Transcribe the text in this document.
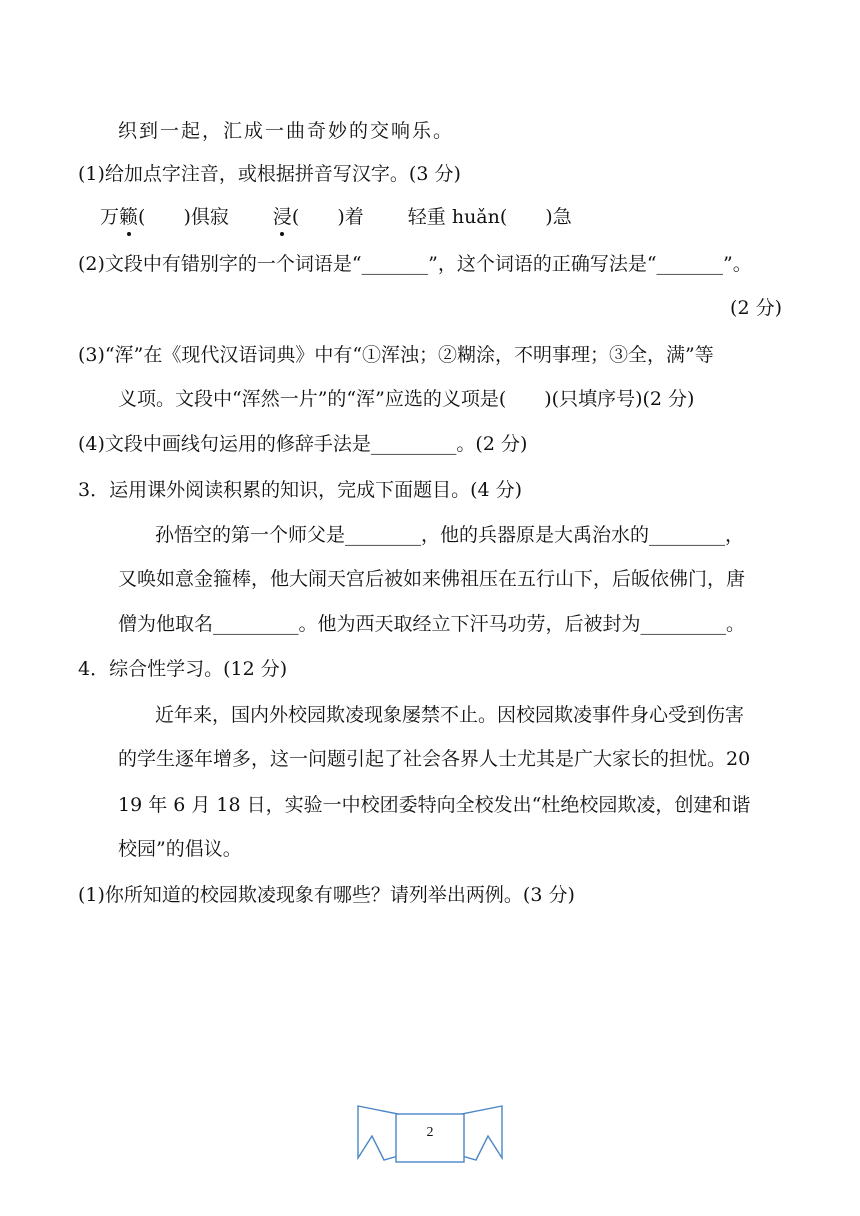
织到一起，汇成一曲奇妙的交响乐。
(1)给加点字注音，或根据拼音写汉字。(3 分)
万籁(　　)俱寂 浸(　　)着 轻重 huǎn(　　)急
(2)文段中有错别字的一个词语是“_______”，这个词语的正确写法是“_______”。
(2 分)
(3)“浑”在《现代汉语词典》中有“①浑浊；②糊涂，不明事理；③全，满”等
义项。文段中“浑然一片”的“浑”应选的义项是(　　)(只填序号)(2 分)
(4)文段中画线句运用的修辞手法是_________。(2 分)
3．运用课外阅读积累的知识，完成下面题目。(4 分)
孙悟空的第一个师父是________，他的兵器原是大禹治水的________，
又唤如意金箍棒，他大闹天宫后被如来佛祖压在五行山下，后皈依佛门，唐
僧为他取名_________。他为西天取经立下汗马功劳，后被封为_________。
4．综合性学习。(12 分)
近年来，国内外校园欺凌现象屡禁不止。因校园欺凌事件身心受到伤害
的学生逐年增多，这一问题引起了社会各界人士尤其是广大家长的担忧。20
19 年 6 月 18 日，实验一中校团委特向全校发出“杜绝校园欺凌，创建和谐
校园”的倡议。
(1)你所知道的校园欺凌现象有哪些？请列举出两例。(3 分)
2
